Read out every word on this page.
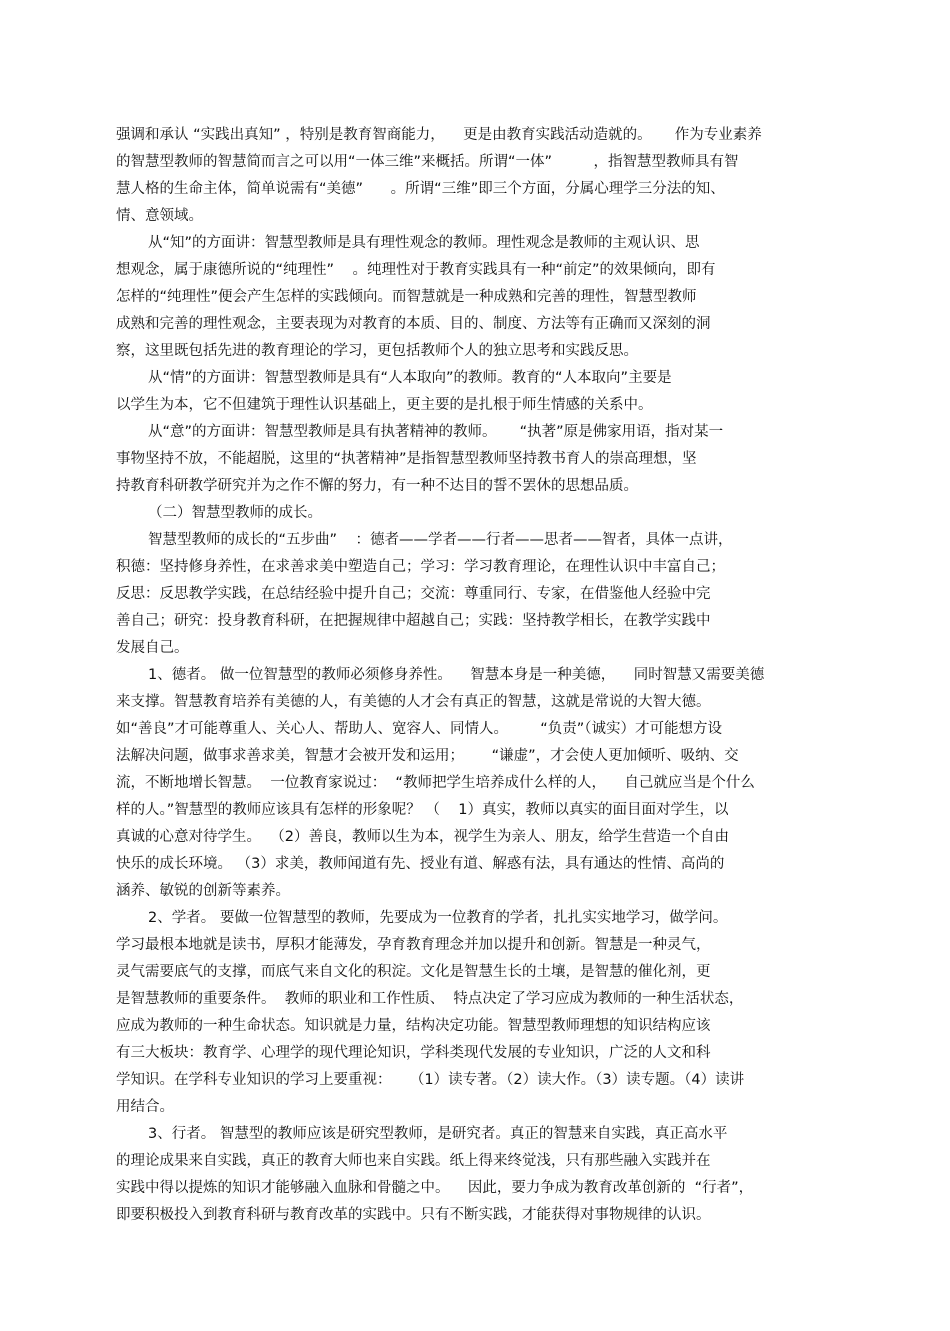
强调和承认 “实践出真知” ，特别是教育智商能力，    更是由教育实践活动造就的。     作为专业素养
的智慧型教师的智慧简而言之可以用“一体三维”来概括。所谓“一体”         ，指智慧型教师具有智
慧人格的生命主体，简单说需有“美德”      。所谓“三维”即三个方面，分属心理学三分法的知、
情、意领域。
从“知”的方面讲：智慧型教师是具有理性观念的教师。理性观念是教师的主观认识、思
想观念，属于康德所说的“纯理性”    。纯理性对于教育实践具有一种“前定”的效果倾向，即有
怎样的“纯理性”便会产生怎样的实践倾向。而智慧就是一种成熟和完善的理性，智慧型教师
成熟和完善的理性观念，主要表现为对教育的本质、目的、制度、方法等有正确而又深刻的洞
察，这里既包括先进的教育理论的学习，更包括教师个人的独立思考和实践反思。
从“情”的方面讲：智慧型教师是具有“人本取向”的教师。教育的“人本取向”主要是
以学生为本，它不但建筑于理性认识基础上，更主要的是扎根于师生情感的关系中。
从“意”的方面讲：智慧型教师是具有执著精神的教师。     “执著”原是佛家用语，指对某一
事物坚持不放，不能超脱，这里的“执著精神”是指智慧型教师坚持教书育人的崇高理想，坚
持教育科研教学研究并为之作不懈的努力，有一种不达目的誓不罢休的思想品质。
（二）智慧型教师的成长。
智慧型教师的成长的“五步曲”    ：德者——学者——行者——思者——智者，具体一点讲，
积德：坚持修身养性，在求善求美中塑造自己；学习：学习教育理论，在理性认识中丰富自己；
反思：反思教学实践，在总结经验中提升自己；交流：尊重同行、专家，在借鉴他人经验中完
善自己；研究：投身教育科研，在把握规律中超越自己；实践：坚持教学相长，在教学实践中
发展自己。
1、德者。 做一位智慧型的教师必须修身养性。    智慧本身是一种美德，    同时智慧又需要美德
来支撑。智慧教育培养有美德的人，有美德的人才会有真正的智慧，这就是常说的大智大德。
如“善良”才可能尊重人、关心人、帮助人、宽容人、同情人。       “负责”（诚实）才可能想方设
法解决问题，做事求善求美，智慧才会被开发和运用；      “谦虚”，才会使人更加倾听、吸纳、交
流，不断地增长智慧。  一位教育家说过：  “教师把学生培养成什么样的人，    自己就应当是个什么
样的人。”智慧型的教师应该具有怎样的形象呢？ （    1）真实，教师以真实的面目面对学生，以
真诚的心意对待学生。  （2）善良，教师以生为本，视学生为亲人、朋友，给学生营造一个自由
快乐的成长环境。 （3）求美，教师闻道有先、授业有道、解惑有法，具有通达的性情、高尚的
涵养、敏锐的创新等素养。
2、学者。 要做一位智慧型的教师，先要成为一位教育的学者，扎扎实实地学习，做学问。
学习最根本地就是读书，厚积才能薄发，孕育教育理念并加以提升和创新。智慧是一种灵气，
灵气需要底气的支撑，而底气来自文化的积淀。文化是智慧生长的土壤，是智慧的催化剂，更
是智慧教师的重要条件。  教师的职业和工作性质、  特点决定了学习应成为教师的一种生活状态，
应成为教师的一种生命状态。知识就是力量，结构决定功能。智慧型教师理想的知识结构应该
有三大板块：教育学、心理学的现代理论知识，学科类现代发展的专业知识，广泛的人文和科
学知识。在学科专业知识的学习上要重视：    （1）读专著。（2）读大作。（3）读专题。（4）读讲
用结合。
3、行者。 智慧型的教师应该是研究型教师，是研究者。真正的智慧来自实践，真正高水平
的理论成果来自实践，真正的教育大师也来自实践。纸上得来终觉浅，只有那些融入实践并在
实践中得以提炼的知识才能够融入血脉和骨髓之中。    因此，要力争成为教育改革创新的  “行者”，
即要积极投入到教育科研与教育改革的实践中。只有不断实践，才能获得对事物规律的认识。
